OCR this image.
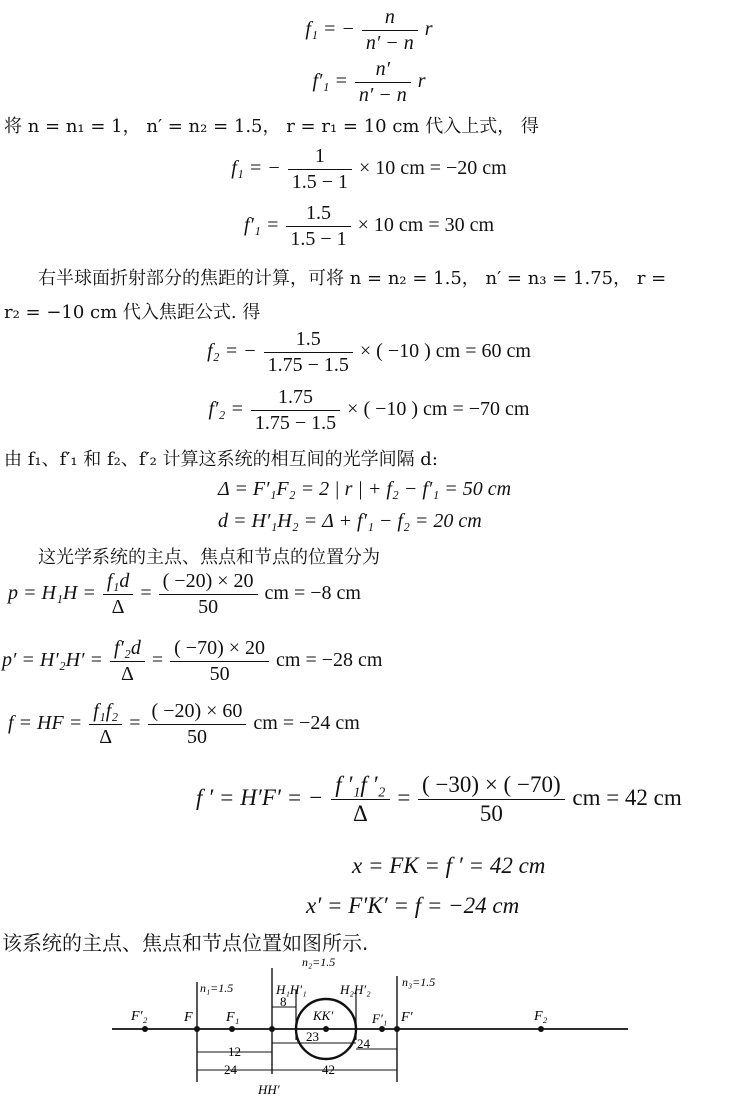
f₁ = − $\frac{n}{n' - n}$ r
$f'_1 = \frac{n'}{n' - n}$ r
将 n = n₁ = 1， n′ = n₂ = 1.5， r = r₁ = 10 cm 代入上式， 得
f₁ = − $\frac{1}{1.5 - 1} \times 10$ cm = −20 cm
$f'_1 = \frac{1.5}{1.5 - 1} \times 10$ cm = 30 cm
右半球面折射部分的焦距的计算，可将 n = n₂ = 1.5， n′ = n₃ = 1.75， r =
r₂ = −10 cm 代入焦距公式. 得
f₂ = − $\frac{1.5}{1.75 - 1.5}$ × ( −10 ) cm = 60 cm
$f'_2 = \frac{1.75}{1.75 - 1.5}$ × ( −10 ) cm = −70 cm
由 f₁、f′₁ 和 f₂、f′₂ 计算这系统的相互间的光学间隔 d:
Δ = F′₁F₂ = 2 | r | + f₂ − f′₁ = 50 cm
d = H′₁H₂ = Δ + f′₁ − f₂ = 20 cm
这光学系统的主点、焦点和节点的位置分为
$p = H_1H = \frac{\text{f₁d}}{\Delta} = \frac{( -20) \times 20}{50}$ cm = −8 cm
$p' = H'_2H' = \frac{\text{f′₂d}}{\Delta} = \frac{( -70) \times 20}{50}$ cm = −28 cm
f = HF = $\frac{\text{f₁f₂}}{\Delta} = \frac{( -20) \times 60}{50}$ cm = −24 cm
f ′ = H′F′ = − $\frac{\text{f ′₁f ′₂}}{\Delta} = \frac{( -30) \times ( -70)}{50}$ cm = 42 cm
x = FK = f ′ = 42 cm
x′ = F′K′ = f = −24 cm
该系统的主点、焦点和节点位置如图所示.
n₂=1.5
n₁=1.5	n₃=1.5
F′₂	F F₁
H₁H′₁	H₂H′₂
KK′	F′₁ F′	F₂
8
23	24
12
24	42
HH′
